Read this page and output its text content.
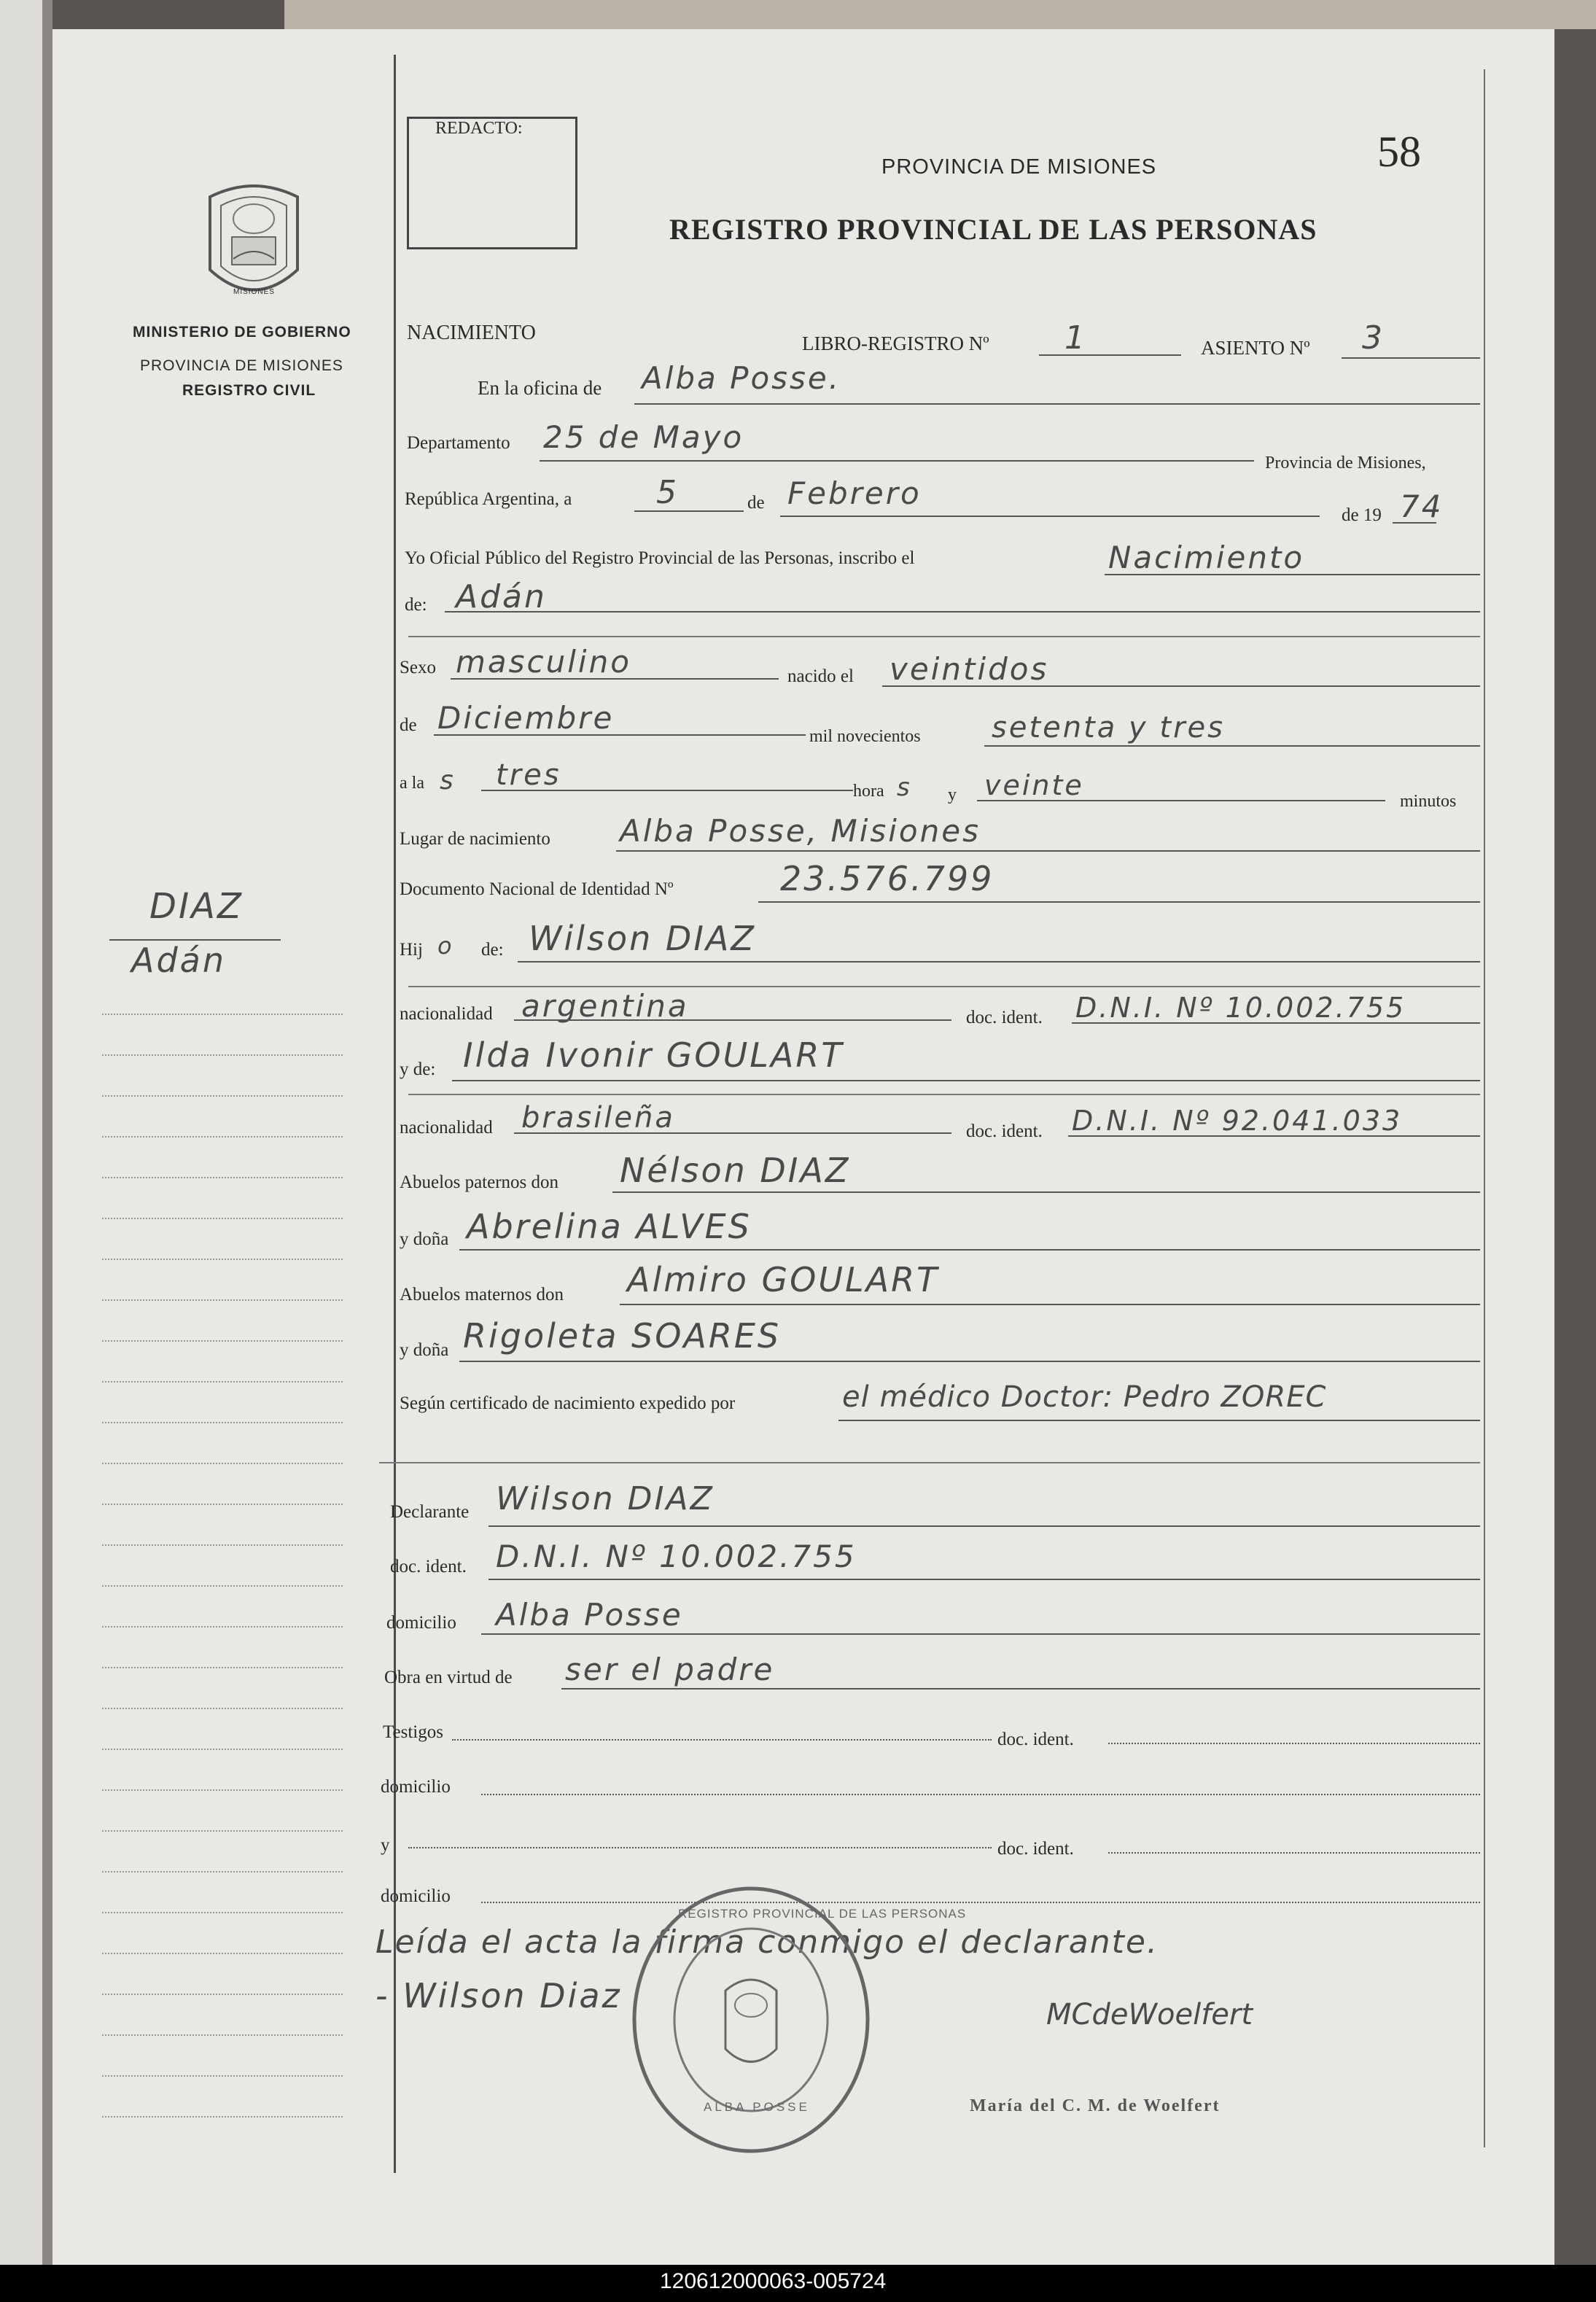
REDACTO:
PROVINCIA DE MISIONES	58
REGISTRO PROVINCIAL DE LAS PERSONAS
MISIONES
MINISTERIO DE GOBIERNO
PROVINCIA DE MISIONES
REGISTRO CIVIL
DIAZ
Adán
NACIMIENTO	LIBRO-REGISTRO Nº 1	ASIENTO Nº 3
En la oficina de Alba Posse.
Departamento 25 de Mayo
Provincia de Misiones,
República Argentina, a	5	de Febrero
de 19 74
Yo Oficial Público del Registro Provincial de las Personas, inscribo el	Nacimiento
de: Adán
Sexo masculino	nacido el veintidos
de Diciembre
mil novecientos setenta y tres
a la s tres	hora s y veinte	minutos
Lugar de nacimiento Alba Posse, Misiones
Documento Nacional de Identidad Nº	23.576.799
Hij o de: Wilson DIAZ
nacionalidad argentina	doc. ident. D.N.I. Nº 10.002.755
y de: Ilda Ivonir GOULART
nacionalidad brasileña	doc. ident. D.N.I. Nº 92.041.033
Abuelos paternos don Nélson DIAZ
y doña Abrelina ALVES
Abuelos maternos don Almiro GOULART
y doña Rigoleta SOARES
Según certificado de nacimiento expedido por	el médico Doctor: Pedro ZOREC
Declarante Wilson DIAZ
doc. ident. D.N.I. Nº 10.002.755
domicilio Alba Posse
Obra en virtud de ser el padre
Testigos	doc. ident.
domicilio
y	doc. ident.
domicilio
Leída el acta la firma conmigo el declarante.
- Wilson Diaz
REGISTRO PROVINCIAL DE LAS PERSONAS
ALBA POSSE
MCdeWoelfert
María del C. M. de Woelfert
120612000063-005724
